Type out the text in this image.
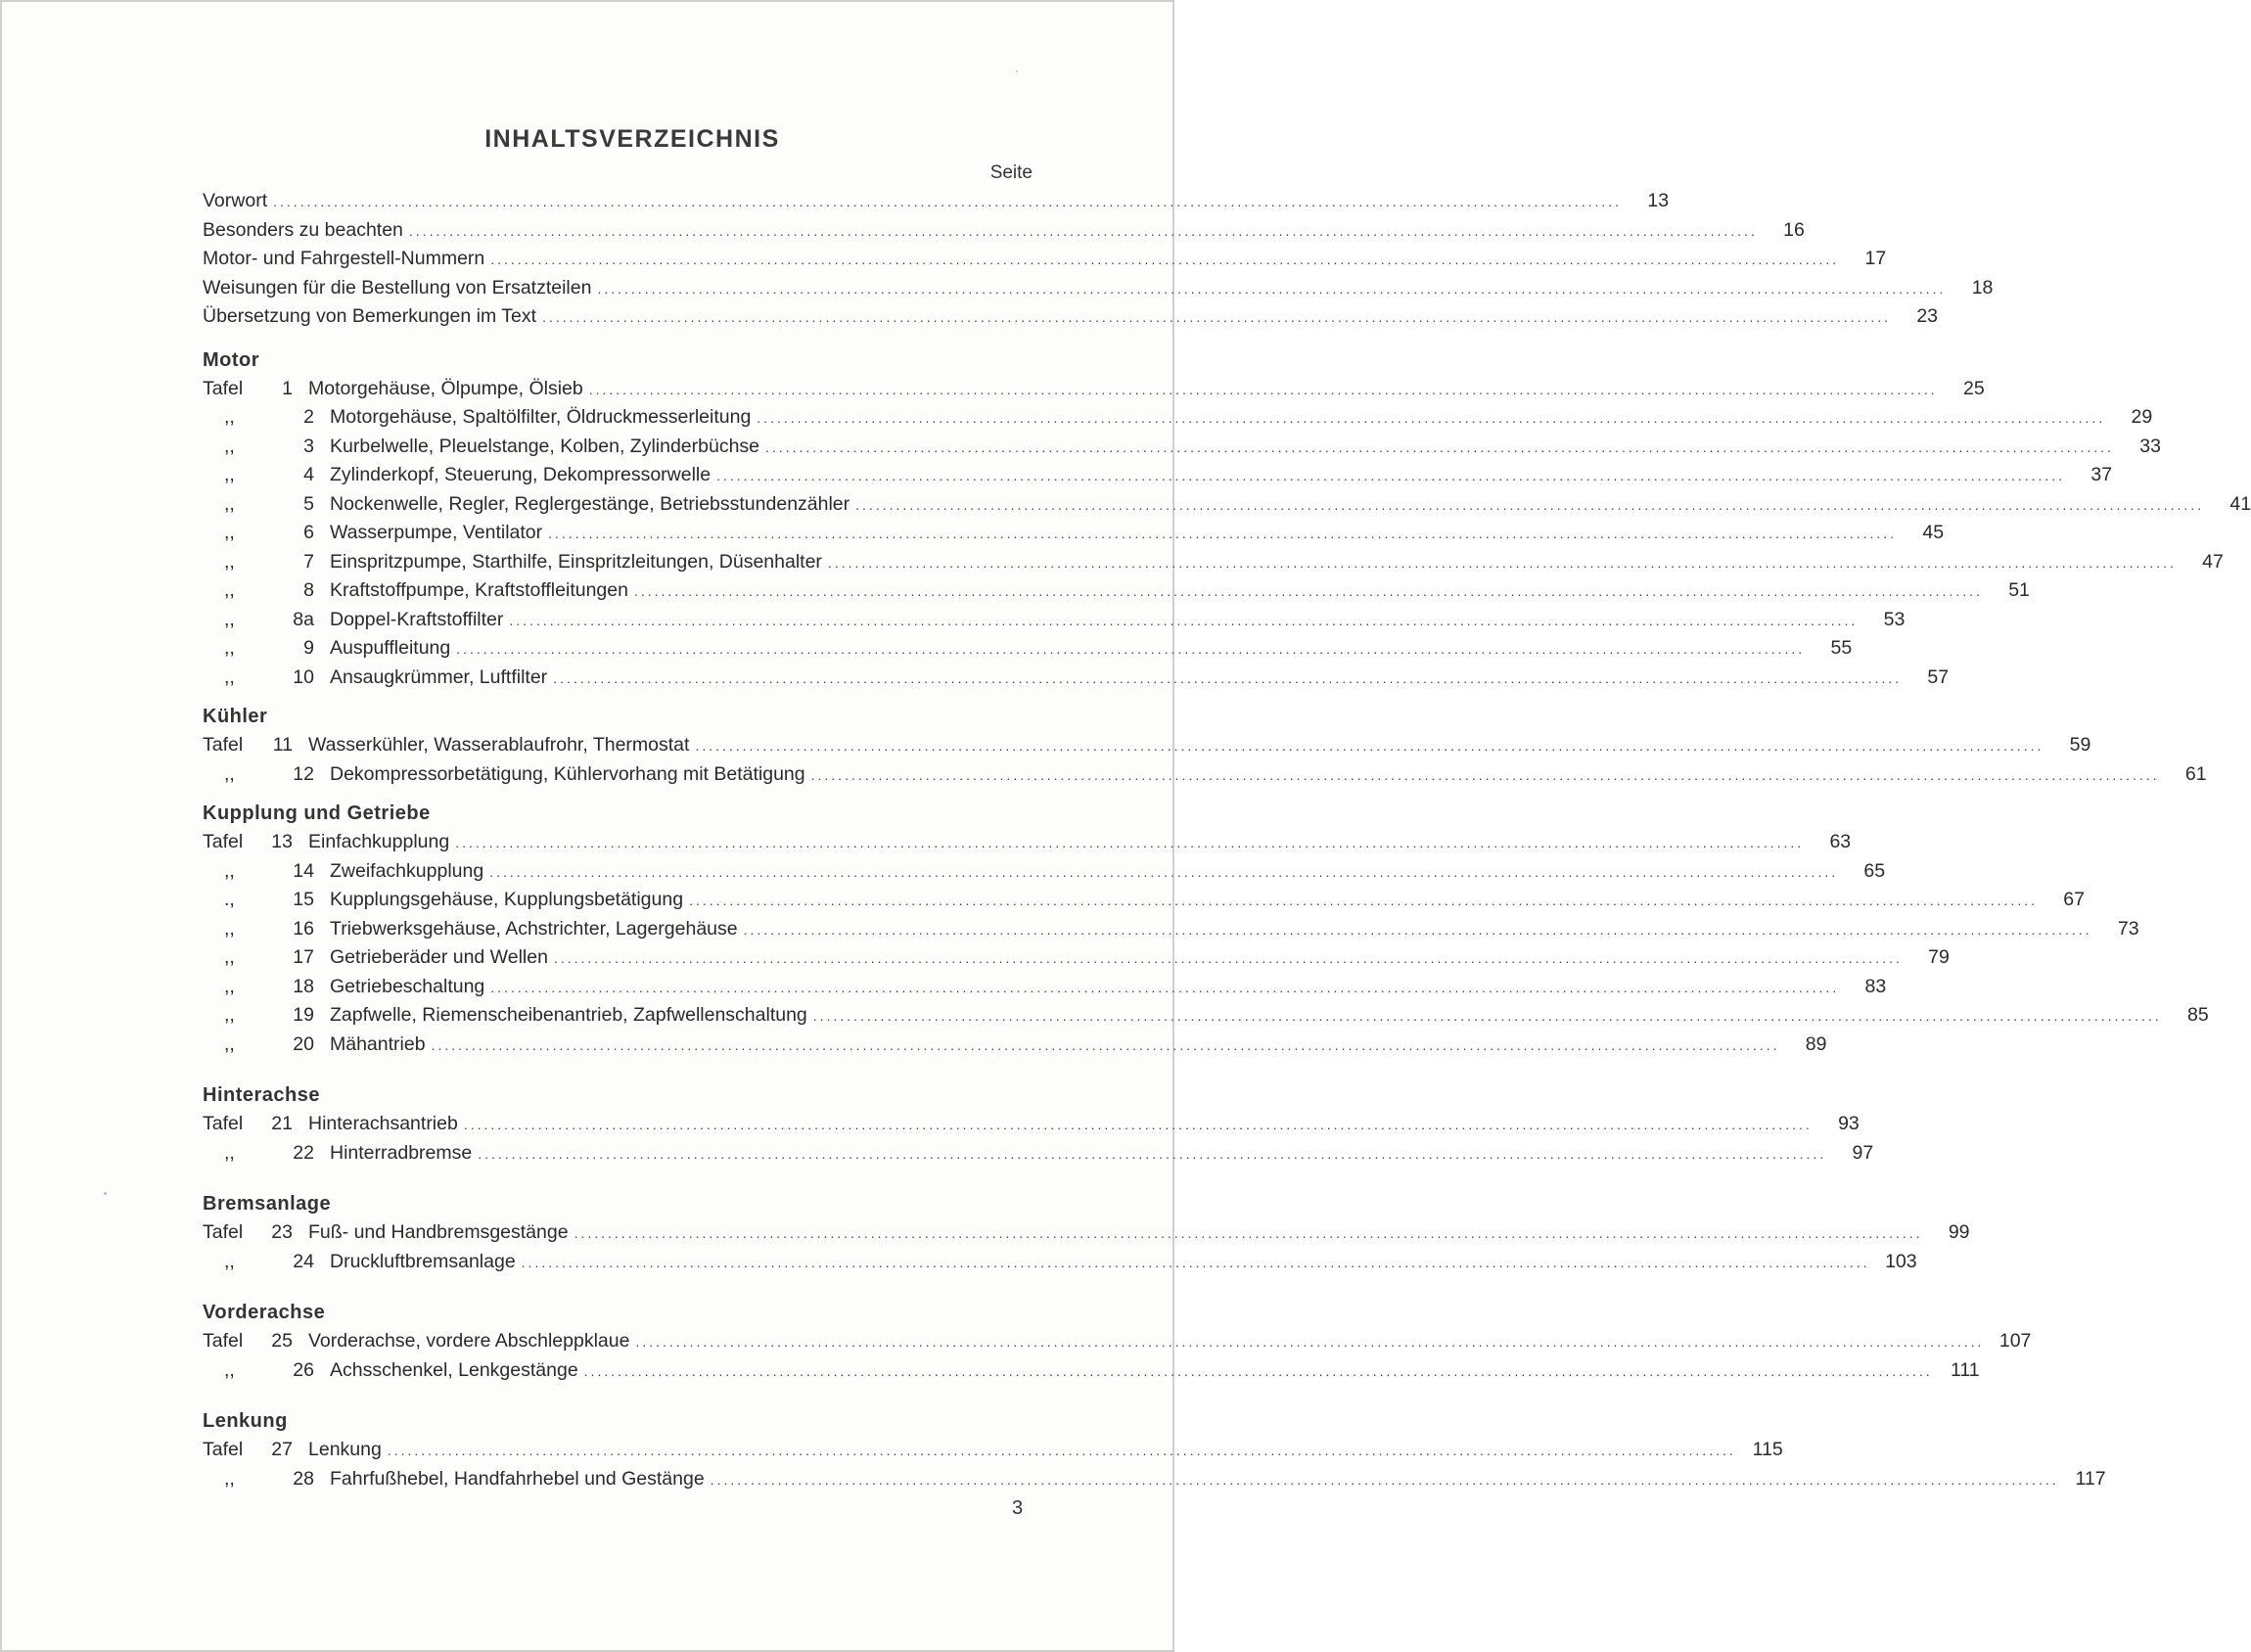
INHALTSVERZEICHNIS
Seite
Vorwort ........................................................................................................................................................................................................	13
Besonders zu beachten ........................................................................................................................................................................................................	16
Motor- und Fahrgestell-Nummern ........................................................................................................................................................................................................	17
Weisungen für die Bestellung von Ersatzteilen ........................................................................................................................................................................................................	18
Übersetzung von Bemerkungen im Text ........................................................................................................................................................................................................	23
Motor
Tafel	1 Motorgehäuse, Ölpumpe, Ölsieb ........................................................................................................................................................................................................	25
,,	2 Motorgehäuse, Spaltölfilter, Öldruckmesserleitung ........................................................................................................................................................................................................	29
,,	3 Kurbelwelle, Pleuelstange, Kolben, Zylinderbüchse ........................................................................................................................................................................................................	33
,,	4 Zylinderkopf, Steuerung, Dekompressorwelle ........................................................................................................................................................................................................	37
,,	5 Nockenwelle, Regler, Reglergestänge, Betriebsstundenzähler ........................................................................................................................................................................................................	41
,,	6 Wasserpumpe, Ventilator ........................................................................................................................................................................................................	45
,,	7 Einspritzpumpe, Starthilfe, Einspritzleitungen, Düsenhalter ........................................................................................................................................................................................................	47
,,	8 Kraftstoffpumpe, Kraftstoffleitungen ........................................................................................................................................................................................................	51
,,	8a Doppel-Kraftstoffilter ........................................................................................................................................................................................................	53
,,	9 Auspuffleitung ........................................................................................................................................................................................................	55
,,	10 Ansaugkrümmer, Luftfilter ........................................................................................................................................................................................................	57
Kühler
Tafel	11 Wasserkühler, Wasserablaufrohr, Thermostat ........................................................................................................................................................................................................	59
,,	12 Dekompressorbetätigung, Kühlervorhang mit Betätigung ........................................................................................................................................................................................................	61
Kupplung und Getriebe
Tafel	13 Einfachkupplung ........................................................................................................................................................................................................	63
,,	14 Zweifachkupplung ........................................................................................................................................................................................................	65
.,	15 Kupplungsgehäuse, Kupplungsbetätigung ........................................................................................................................................................................................................	67
,,	16 Triebwerksgehäuse, Achstrichter, Lagergehäuse ........................................................................................................................................................................................................	73
,,	17 Getrieberäder und Wellen ........................................................................................................................................................................................................	79
,,	18 Getriebeschaltung ........................................................................................................................................................................................................	83
,,	19 Zapfwelle, Riemenscheibenantrieb, Zapfwellenschaltung ........................................................................................................................................................................................................	85
,,	20 Mähantrieb ........................................................................................................................................................................................................	89
Hinterachse
Tafel	21 Hinterachsantrieb ........................................................................................................................................................................................................	93
,,	22 Hinterradbremse ........................................................................................................................................................................................................	97
Bremsanlage
Tafel	23 Fuß- und Handbremsgestänge ........................................................................................................................................................................................................	99
,,	24 Druckluftbremsanlage ........................................................................................................................................................................................................ 103
Vorderachse
Tafel	25 Vorderachse, vordere Abschleppklaue ........................................................................................................................................................................................................ 107
,,	26 Achsschenkel, Lenkgestänge ........................................................................................................................................................................................................ 111
Lenkung
Tafel	27 Lenkung ........................................................................................................................................................................................................ 115
,,	28 Fahrfußhebel, Handfahrhebel und Gestänge ........................................................................................................................................................................................................ 117
3
